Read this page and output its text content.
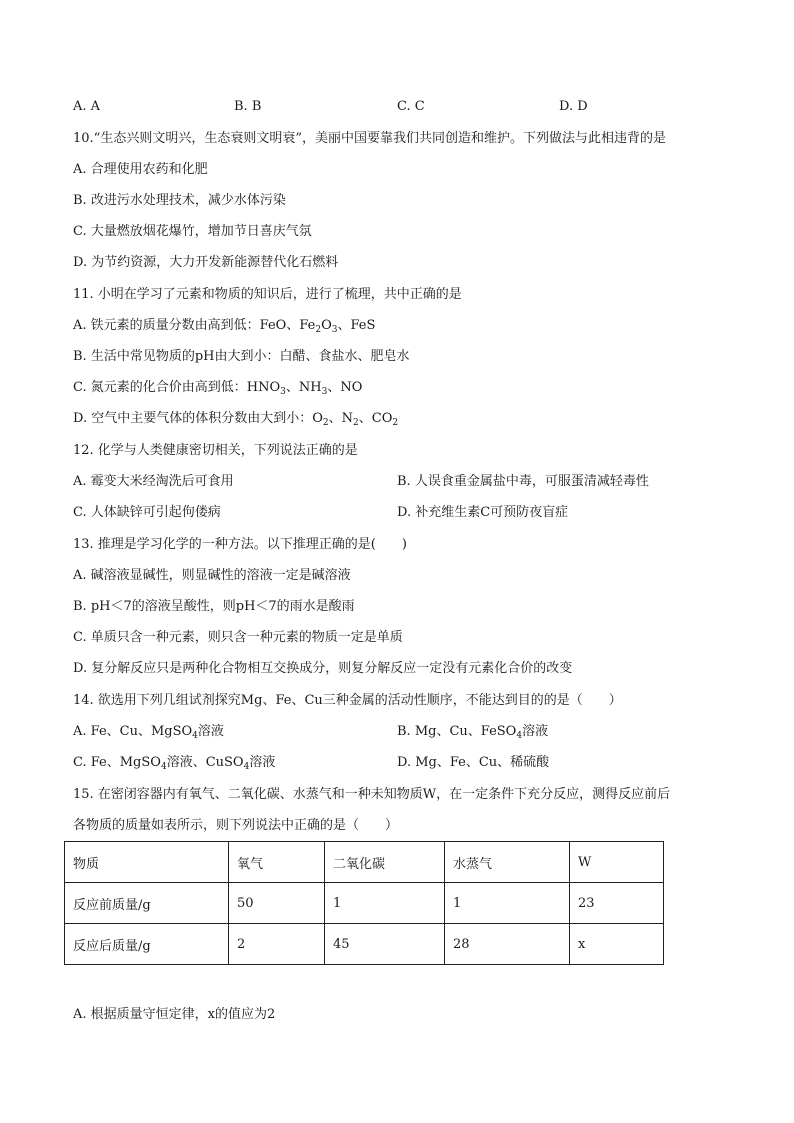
A. A	B. B	C. C	D. D
10.“生态兴则文明兴，生态衰则文明衰”，美丽中国要靠我们共同创造和维护。下列做法与此相违背的是
A. 合理使用农药和化肥
B. 改进污水处理技术，减少水体污染
C. 大量燃放烟花爆竹，增加节日喜庆气氛
D. 为节约资源，大力开发新能源替代化石燃料
11. 小明在学习了元素和物质的知识后，进行了梳理，共中正确的是
A. 铁元素的质量分数由高到低：FeO、$Fe_2O_3$、FeS
B. 生活中常见物质的pH由大到小：白醋、食盐水、肥皂水
C. 氮元素的化合价由高到低：$HNO_3$、$NH_3$、NO
D. 空气中主要气体的体积分数由大到小：$O_2$、$N_2$、$CO_2$
12. 化学与人类健康密切相关，下列说法正确的是
A. 霉变大米经淘洗后可食用	B. 人误食重金属盐中毒，可服蛋清减轻毒性
C. 人体缺锌可引起佝偻病	D. 补充维生素C可预防夜盲症
13. 推理是学习化学的一种方法。以下推理正确的是(　　)
A. 碱溶液显碱性，则显碱性的溶液一定是碱溶液
B. pH＜7的溶液呈酸性，则pH＜7的雨水是酸雨
C. 单质只含一种元素，则只含一种元素的物质一定是单质
D. 复分解反应只是两种化合物相互交换成分，则复分解反应一定没有元素化合价的改变
14. 欲选用下列几组试剂探究Mg、Fe、Cu三种金属的活动性顺序，不能达到目的的是（　　）
A. Fe、Cu、MgSO$_4$溶液	B. Mg、Cu、FeSO$_4$溶液
C. Fe、MgSO$_4$溶液、CuSO$_4$溶液	D. Mg、Fe、Cu、稀硫酸
15. 在密闭容器内有氧气、二氧化碳、水蒸气和一种未知物质W，在一定条件下充分反应，测得反应前后
各物质的质量如表所示，则下列说法中正确的是（　　）
物质	氧气	二氧化碳	水蒸气	W
反应前质量/g	50	1	1	23
反应后质量/g	2	45	28	x
A. 根据质量守恒定律，x的值应为2
